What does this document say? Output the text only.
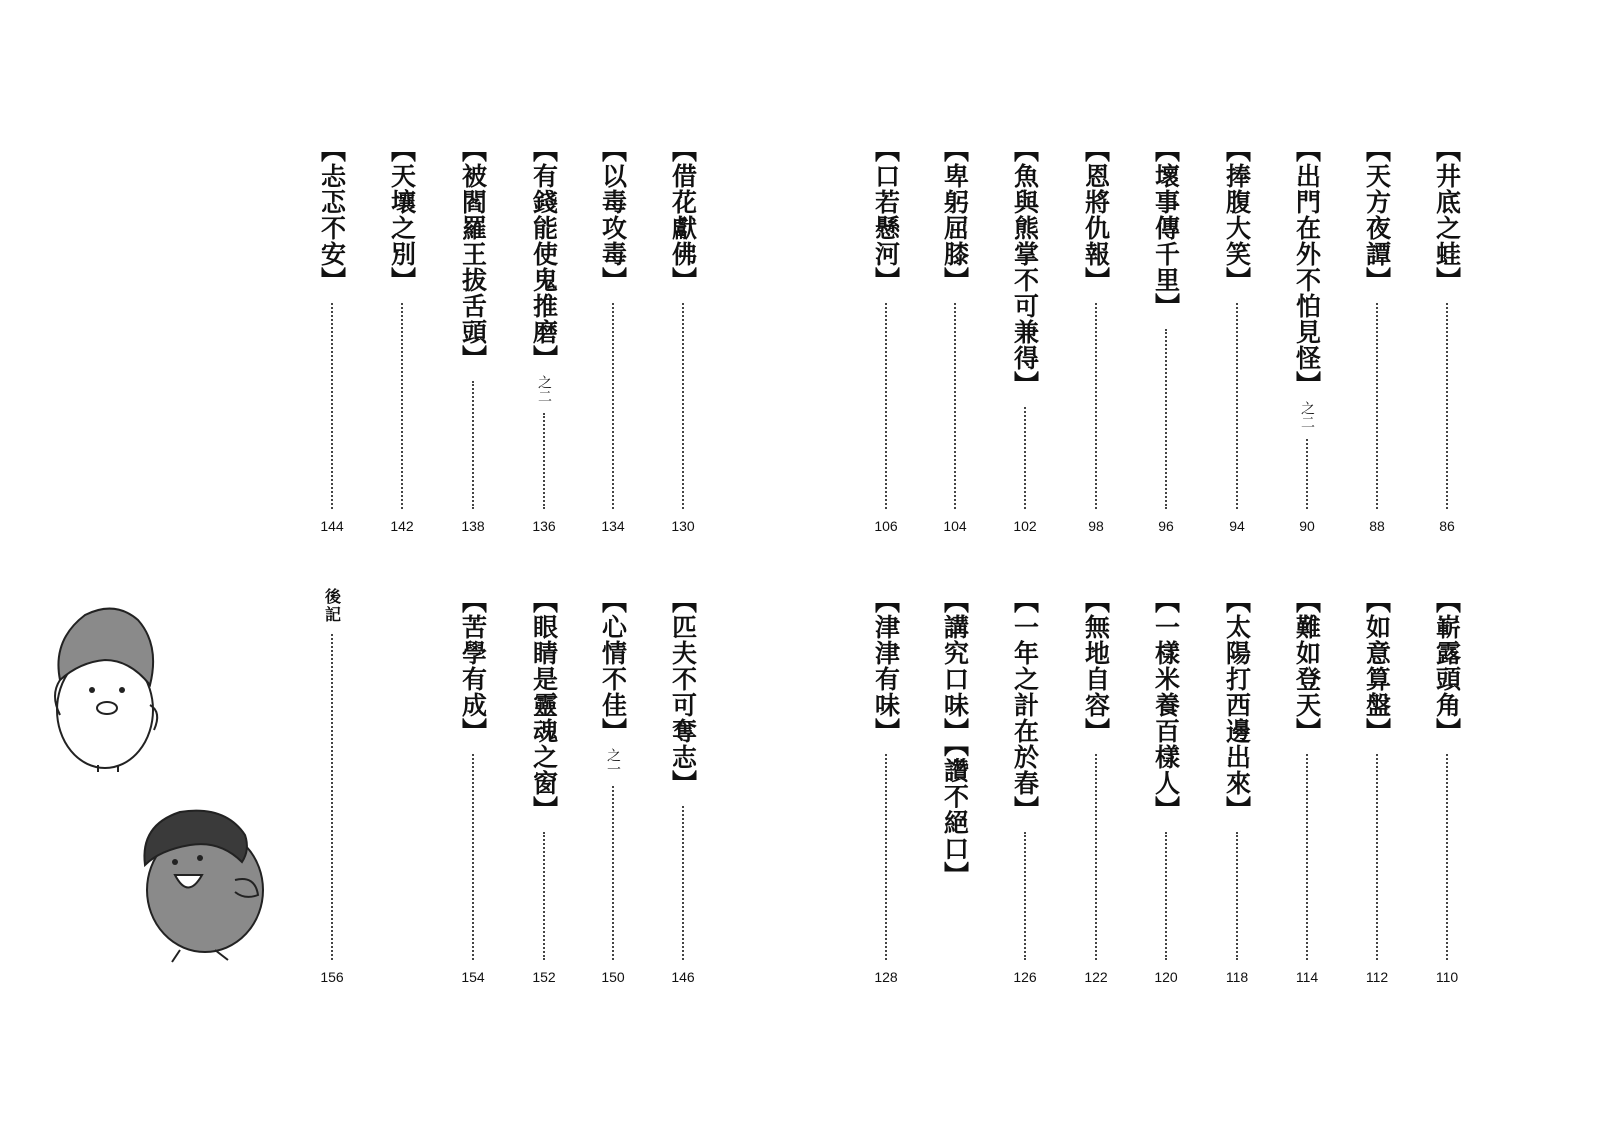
【井底之蛙】
86
【天方夜譚】
88
【出門在外不怕見怪】
之二
90
【捧腹大笑】
94
【壞事傳千里】
96
【恩將仇報】
98
【魚與熊掌不可兼得】
102
【卑躬屈膝】
104
【口若懸河】
106
【嶄露頭角】
110
【如意算盤】
112
【難如登天】
114
【太陽打西邊出來】
118
【一樣米養百樣人】
120
【無地自容】
122
【一年之計在於春】
126
【講究口味】【讚不絕口】
【津津有味】
128
【借花獻佛】
130
【以毒攻毒】
134
【有錢能使鬼推磨】
之二
136
【被閻羅王拔舌頭】
138
【天壤之別】
142
【忐忑不安】
144
【匹夫不可奪志】
146
【心情不佳】
之一
150
【眼睛是靈魂之窗】
152
【苦學有成】
154
後記
156
